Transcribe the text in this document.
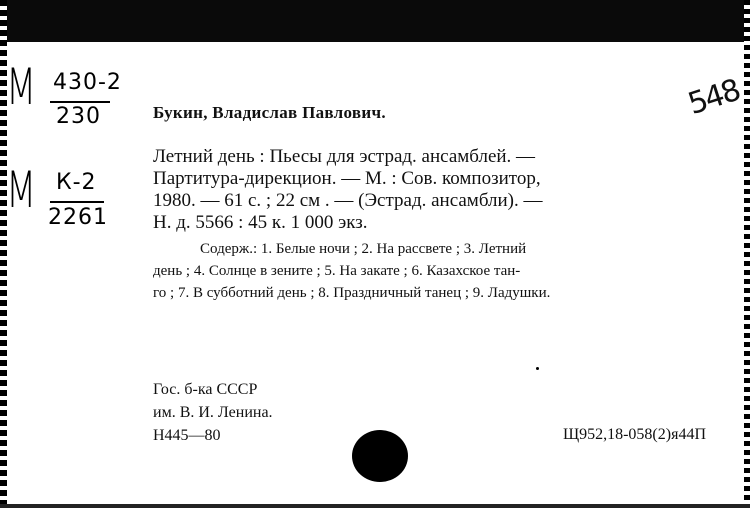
М 430-2
230
М К-2
2261
548
Букин, Владислав Павлович.
Летний день : Пьесы для эстрад. ансамблей. —
Партитура-дирекцион. — М. : Сов. композитор,
1980. — 61 с. ; 22 см . — (Эстрад. ансамбли). —
Н. д. 5566 : 45 к. 1 000 экз.
Содерж.: 1. Белые ночи ; 2. На рассвете ; 3. Летний
день ; 4. Солнце в зените ; 5. На закате ; 6. Казахское тан-
го ; 7. В субботний день ; 8. Праздничный танец ; 9. Ладушки.
Гос. б-ка СССР
им. В. И. Ленина.
Н445—80	Щ952,18-058(2)я44П
